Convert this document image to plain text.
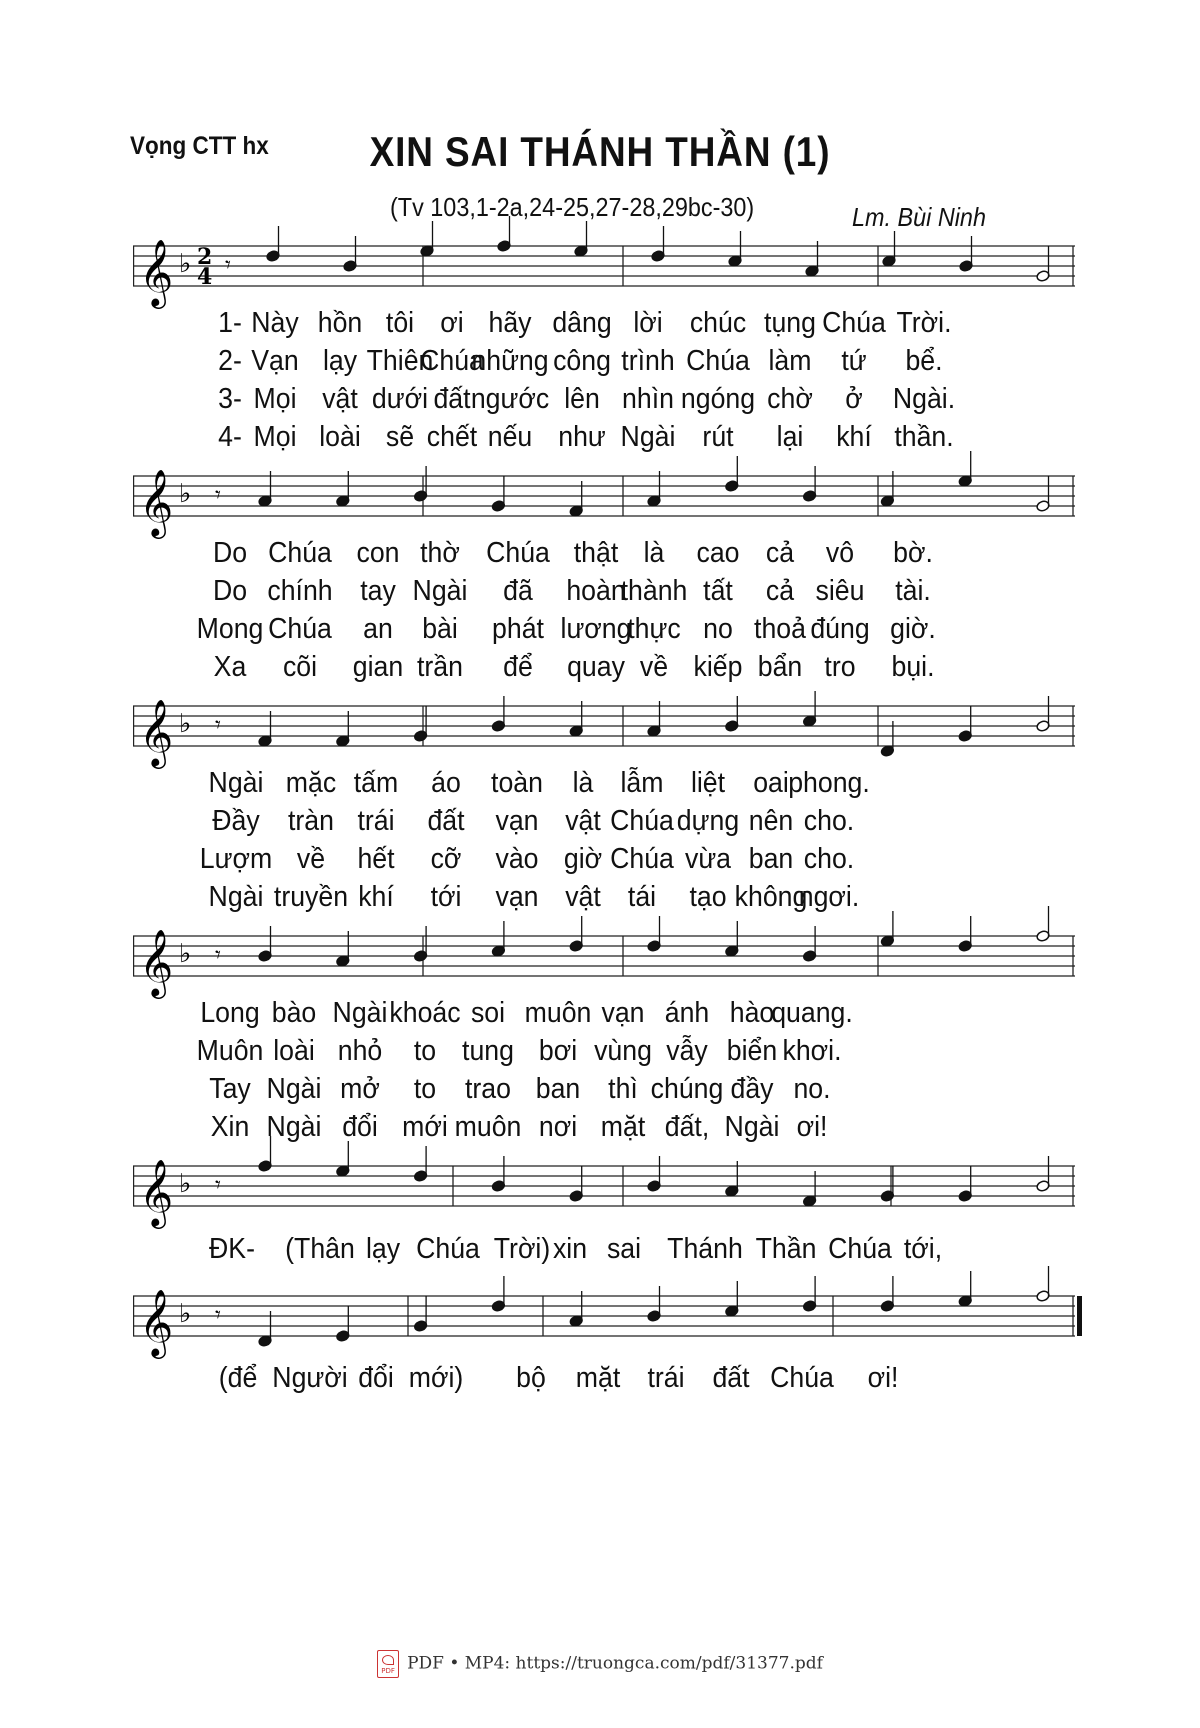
Vọng CTT hx	XIN SAI THÁNH THẦN (1)
(Tv 103,1-2a,24-25,27-28,29bc-30)	Lm. Bùi Ninh
𝄞 ♭ 2
4 𝄾
𝄞 ♭ 𝄾
𝄞 ♭ 𝄾
𝄞 ♭ 𝄾
𝄞 ♭ 𝄾
𝄞 ♭ 𝄾
1- Này hồn tôi ơi hãy dâng lời chúc tụng Chúa Trời.
2- Vạn lạy Thiên
Chúa
những công trình Chúa làm tứ bể.
3- Mọi vật dưới đất ngước lên nhìn ngóng chờ ở Ngài.
4- Mọi loài sẽ chết nếu như Ngài rút lại khí thần.
Do Chúa con thờ Chúa thật là cao cả vô bờ.
Do chính tay Ngài đã hoàn
thành tất cả siêu tài.
Mong Chúa an bài phát lương
thực no thoả đúng giờ.
Xa cõi gian trần để quay về kiếp bẩn tro bụi.
Ngài mặc tấm áo toàn là lẫm liệt oai phong.
Đầy tràn trái đất vạn vật Chúa dựng nên cho.
Lượm về hết cỡ vào giờ Chúa vừa ban cho.
Ngài truyền khí tới vạn vật tái tạo không
ngơi.
Long bào Ngài khoác soi muôn vạn ánh hào
quang.
Muôn loài nhỏ to tung bơi vùng vẫy biển khơi.
Tay Ngài mở to trao ban thì chúng đầy no.
Xin Ngài đổi mới muôn nơi mặt đất, Ngài ơi!
ĐK- (Thân lạy Chúa Trời) xin sai Thánh Thần Chúa tới,
(để Người đổi mới) bộ mặt trái đất Chúa ơi!
PDFPDF • MP4: https://truongca.com/pdf/31377.pdf
